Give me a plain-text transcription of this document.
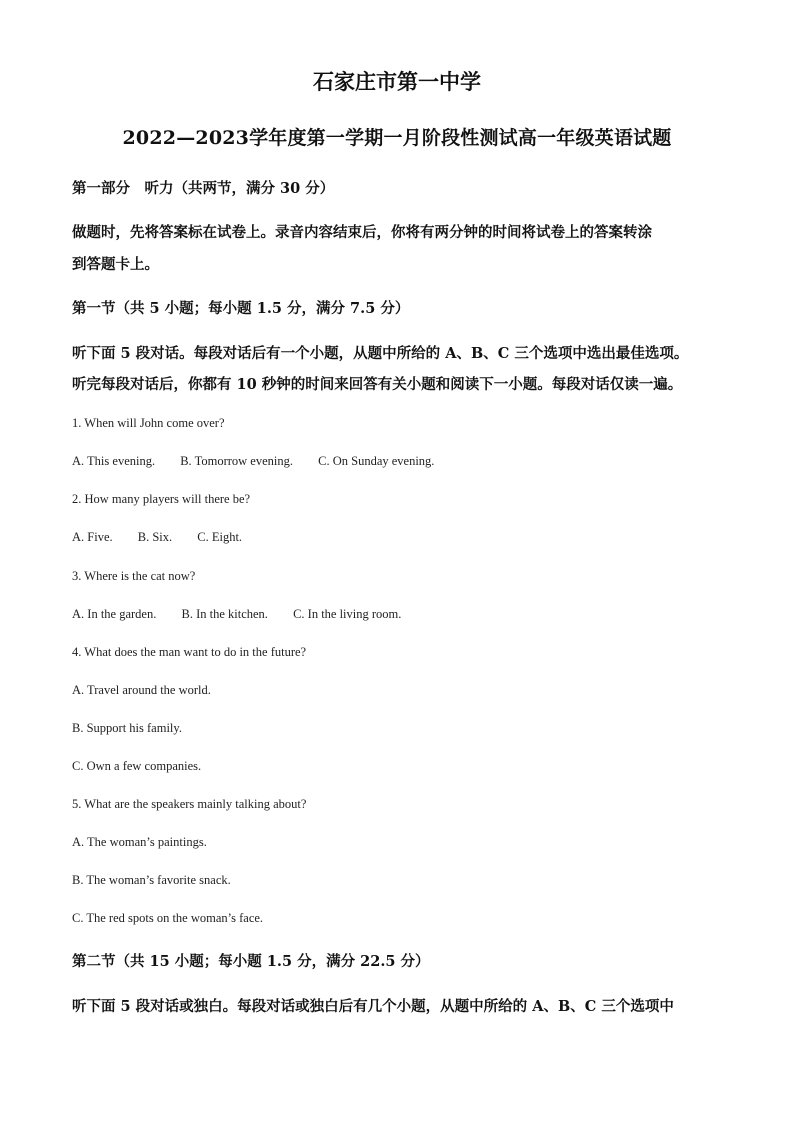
石家庄市第一中学
2022—2023学年度第一学期一月阶段性测试高一年级英语试题
第一部分　听力（共两节，满分 30 分）
做题时，先将答案标在试卷上。录音内容结束后，你将有两分钟的时间将试卷上的答案转涂
到答题卡上。
第一节（共 5 小题；每小题 1.5 分，满分 7.5 分）
听下面 5 段对话。每段对话后有一个小题，从题中所给的 A、B、C 三个选项中选出最佳选项。
听完每段对话后，你都有 10 秒钟的时间来回答有关小题和阅读下一小题。每段对话仅读一遍。
1. When will John come over?
A. This evening. B. Tomorrow evening. C. On Sunday evening.
2. How many players will there be?
A. Five. B. Six. C. Eight.
3. Where is the cat now?
A. In the garden. B. In the kitchen. C. In the living room.
4. What does the man want to do in the future?
A. Travel around the world.
B. Support his family.
C. Own a few companies.
5. What are the speakers mainly talking about?
A. The woman’s paintings.
B. The woman’s favorite snack.
C. The red spots on the woman’s face.
第二节（共 15 小题；每小题 1.5 分，满分 22.5 分）
听下面 5 段对话或独白。每段对话或独白后有几个小题，从题中所给的 A、B、C 三个选项中
